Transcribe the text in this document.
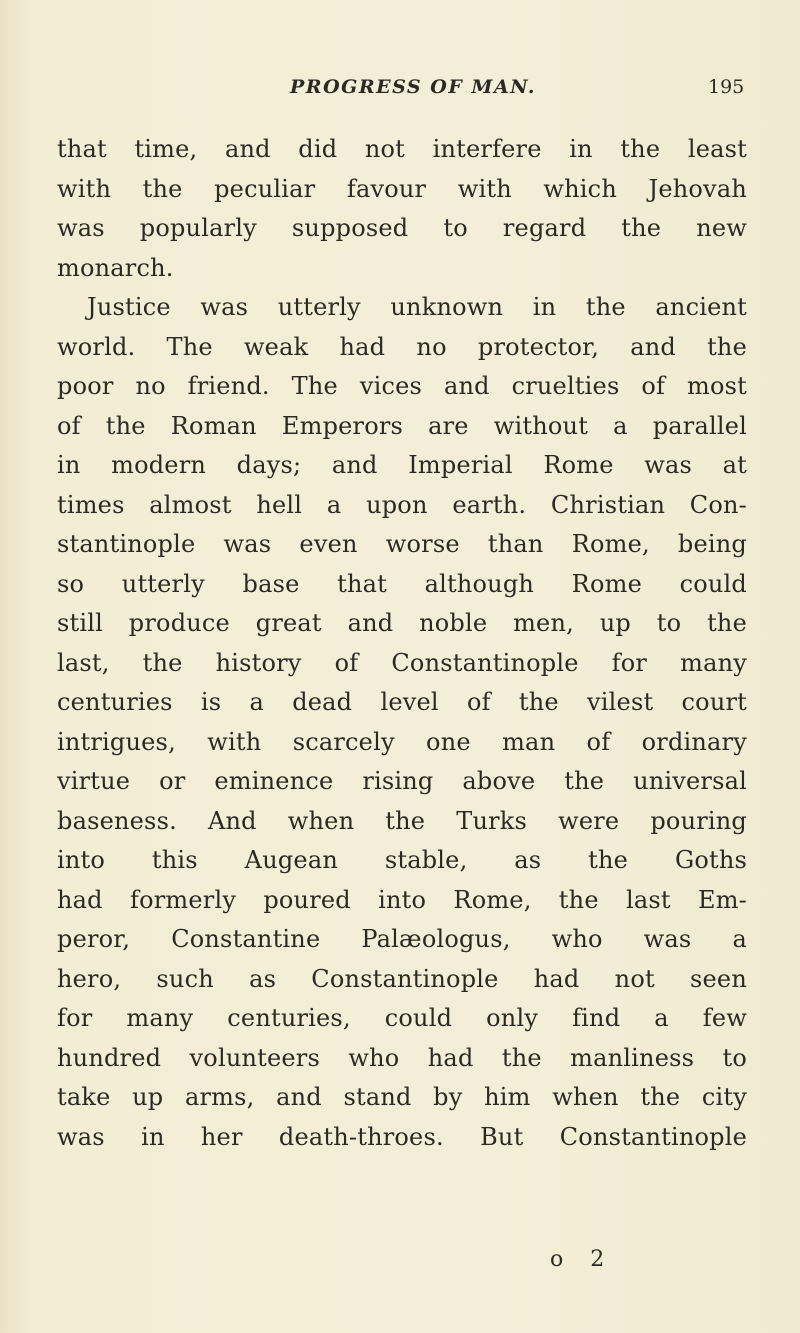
PROGRESS OF MAN.	195
that time, and did not interfere in the least
with the peculiar favour with which Jehovah
was popularly supposed to regard the new
monarch.
Justice was utterly unknown in the ancient
world. The weak had no protector, and the
poor no friend. The vices and cruelties of most
of the Roman Emperors are without a parallel
in modern days; and Imperial Rome was at
times almost hell a upon earth. Christian Con-
stantinople was even worse than Rome, being
so utterly base that although Rome could
still produce great and noble men, up to the
last, the history of Constantinople for many
centuries is a dead level of the vilest court
intrigues, with scarcely one man of ordinary
virtue or eminence rising above the universal
baseness. And when the Turks were pouring
into this Augean stable, as the Goths
had formerly poured into Rome, the last Em-
peror, Constantine Palæologus, who was a
hero, such as Constantinople had not seen
for many centuries, could only find a few
hundred volunteers who had the manliness to
take up arms, and stand by him when the city
was in her death-throes. But Constantinople
o 2
